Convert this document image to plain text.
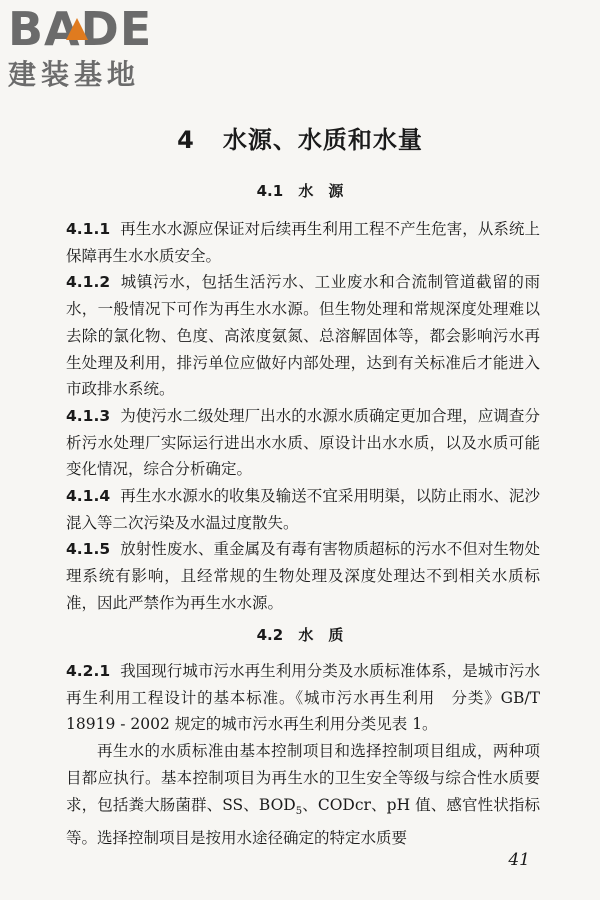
BADE
建装基地
4 水源、水质和水量
4.1 水　源

4.1.1 再生水水源应保证对后续再生利用工程不产生危害，从系统上保障再生水水质安全。

4.1.2 城镇污水，包括生活污水、工业废水和合流制管道截留的雨水，一般情况下可作为再生水水源。但生物处理和常规深度处理难以去除的氯化物、色度、高浓度氨氮、总溶解固体等，都会影响污水再生处理及利用，排污单位应做好内部处理，达到有关标准后才能进入市政排水系统。

4.1.3 为使污水二级处理厂出水的水源水质确定更加合理，应调查分析污水处理厂实际运行进出水水质、原设计出水水质，以及水质可能变化情况，综合分析确定。

4.1.4 再生水水源水的收集及输送不宜采用明渠，以防止雨水、泥沙混入等二次污染及水温过度散失。

4.1.5 放射性废水、重金属及有毒有害物质超标的污水不但对生物处理系统有影响，且经常规的生物处理及深度处理达不到相关水质标准，因此严禁作为再生水水源。

4.2 水　质

4.2.1 我国现行城市污水再生利用分类及水质标准体系，是城市污水再生利用工程设计的基本标准。《城市污水再生利用　分类》GB/T 18919 - 2002 规定的城市污水再生利用分类见表 1。

再生水的水质标准由基本控制项目和选择控制项目组成，两种项目都应执行。基本控制项目为再生水的卫生安全等级与综合性水质要求，包括粪大肠菌群、SS、$BOD_5$、CODcr、pH 值、感官性状指标等。选择控制项目是按用水途径确定的特定水质要

41
